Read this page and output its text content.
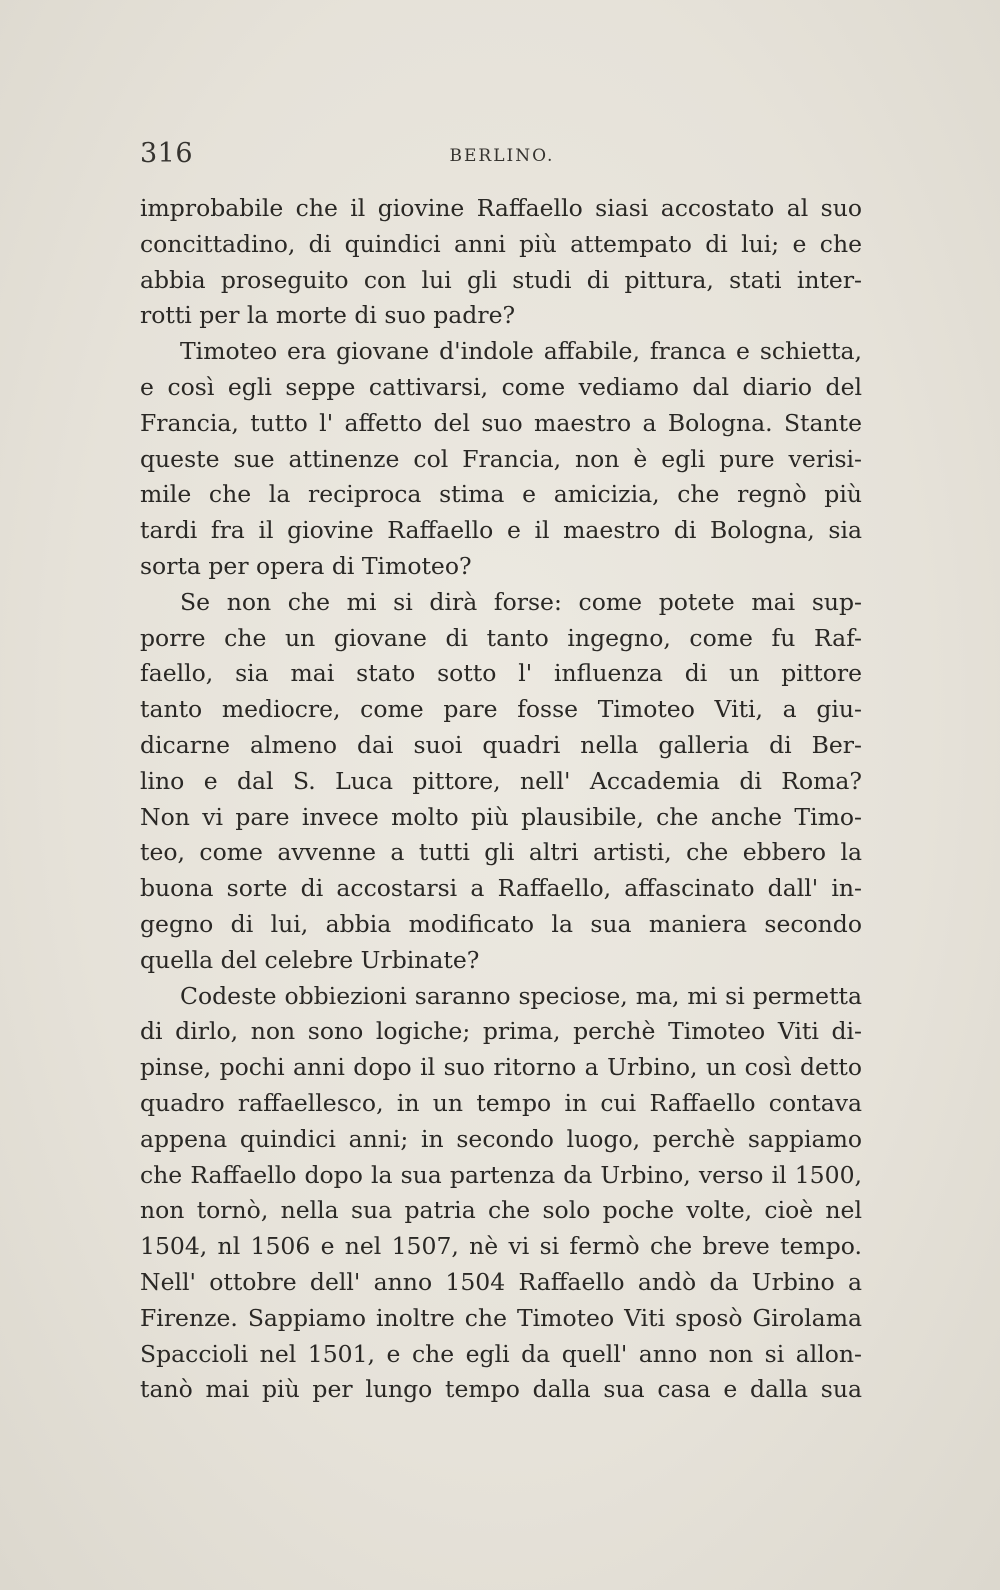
316	BERLINO.
improbabile che il giovine Raffaello siasi accostato al suo
concittadino, di quindici anni più attempato di lui; e che
abbia proseguito con lui gli studi di pittura, stati inter-
rotti per la morte di suo padre?
Timoteo era giovane d'indole affabile, franca e schietta,
e così egli seppe cattivarsi, come vediamo dal diario del
Francia, tutto l' affetto del suo maestro a Bologna. Stante
queste sue attinenze col Francia, non è egli pure verisi-
mile che la reciproca stima e amicizia, che regnò più
tardi fra il giovine Raffaello e il maestro di Bologna, sia
sorta per opera di Timoteo?
Se non che mi si dirà forse: come potete mai sup-
porre che un giovane di tanto ingegno, come fu Raf-
faello, sia mai stato sotto l' influenza di un pittore
tanto mediocre, come pare fosse Timoteo Viti, a giu-
dicarne almeno dai suoi quadri nella galleria di Ber-
lino e dal S. Luca pittore, nell' Accademia di Roma?
Non vi pare invece molto più plausibile, che anche Timo-
teo, come avvenne a tutti gli altri artisti, che ebbero la
buona sorte di accostarsi a Raffaello, affascinato dall' in-
gegno di lui, abbia modificato la sua maniera secondo
quella del celebre Urbinate?
Codeste obbiezioni saranno speciose, ma, mi si permetta
di dirlo, non sono logiche; prima, perchè Timoteo Viti di-
pinse, pochi anni dopo il suo ritorno a Urbino, un così detto
quadro raffaellesco, in un tempo in cui Raffaello contava
appena quindici anni; in secondo luogo, perchè sappiamo
che Raffaello dopo la sua partenza da Urbino, verso il 1500,
non tornò, nella sua patria che solo poche volte, cioè nel
1504, nl 1506 e nel 1507, nè vi si fermò che breve tempo.
Nell' ottobre dell' anno 1504 Raffaello andò da Urbino a
Firenze. Sappiamo inoltre che Timoteo Viti sposò Girolama
Spaccioli nel 1501, e che egli da quell' anno non si allon-
tanò mai più per lungo tempo dalla sua casa e dalla sua
